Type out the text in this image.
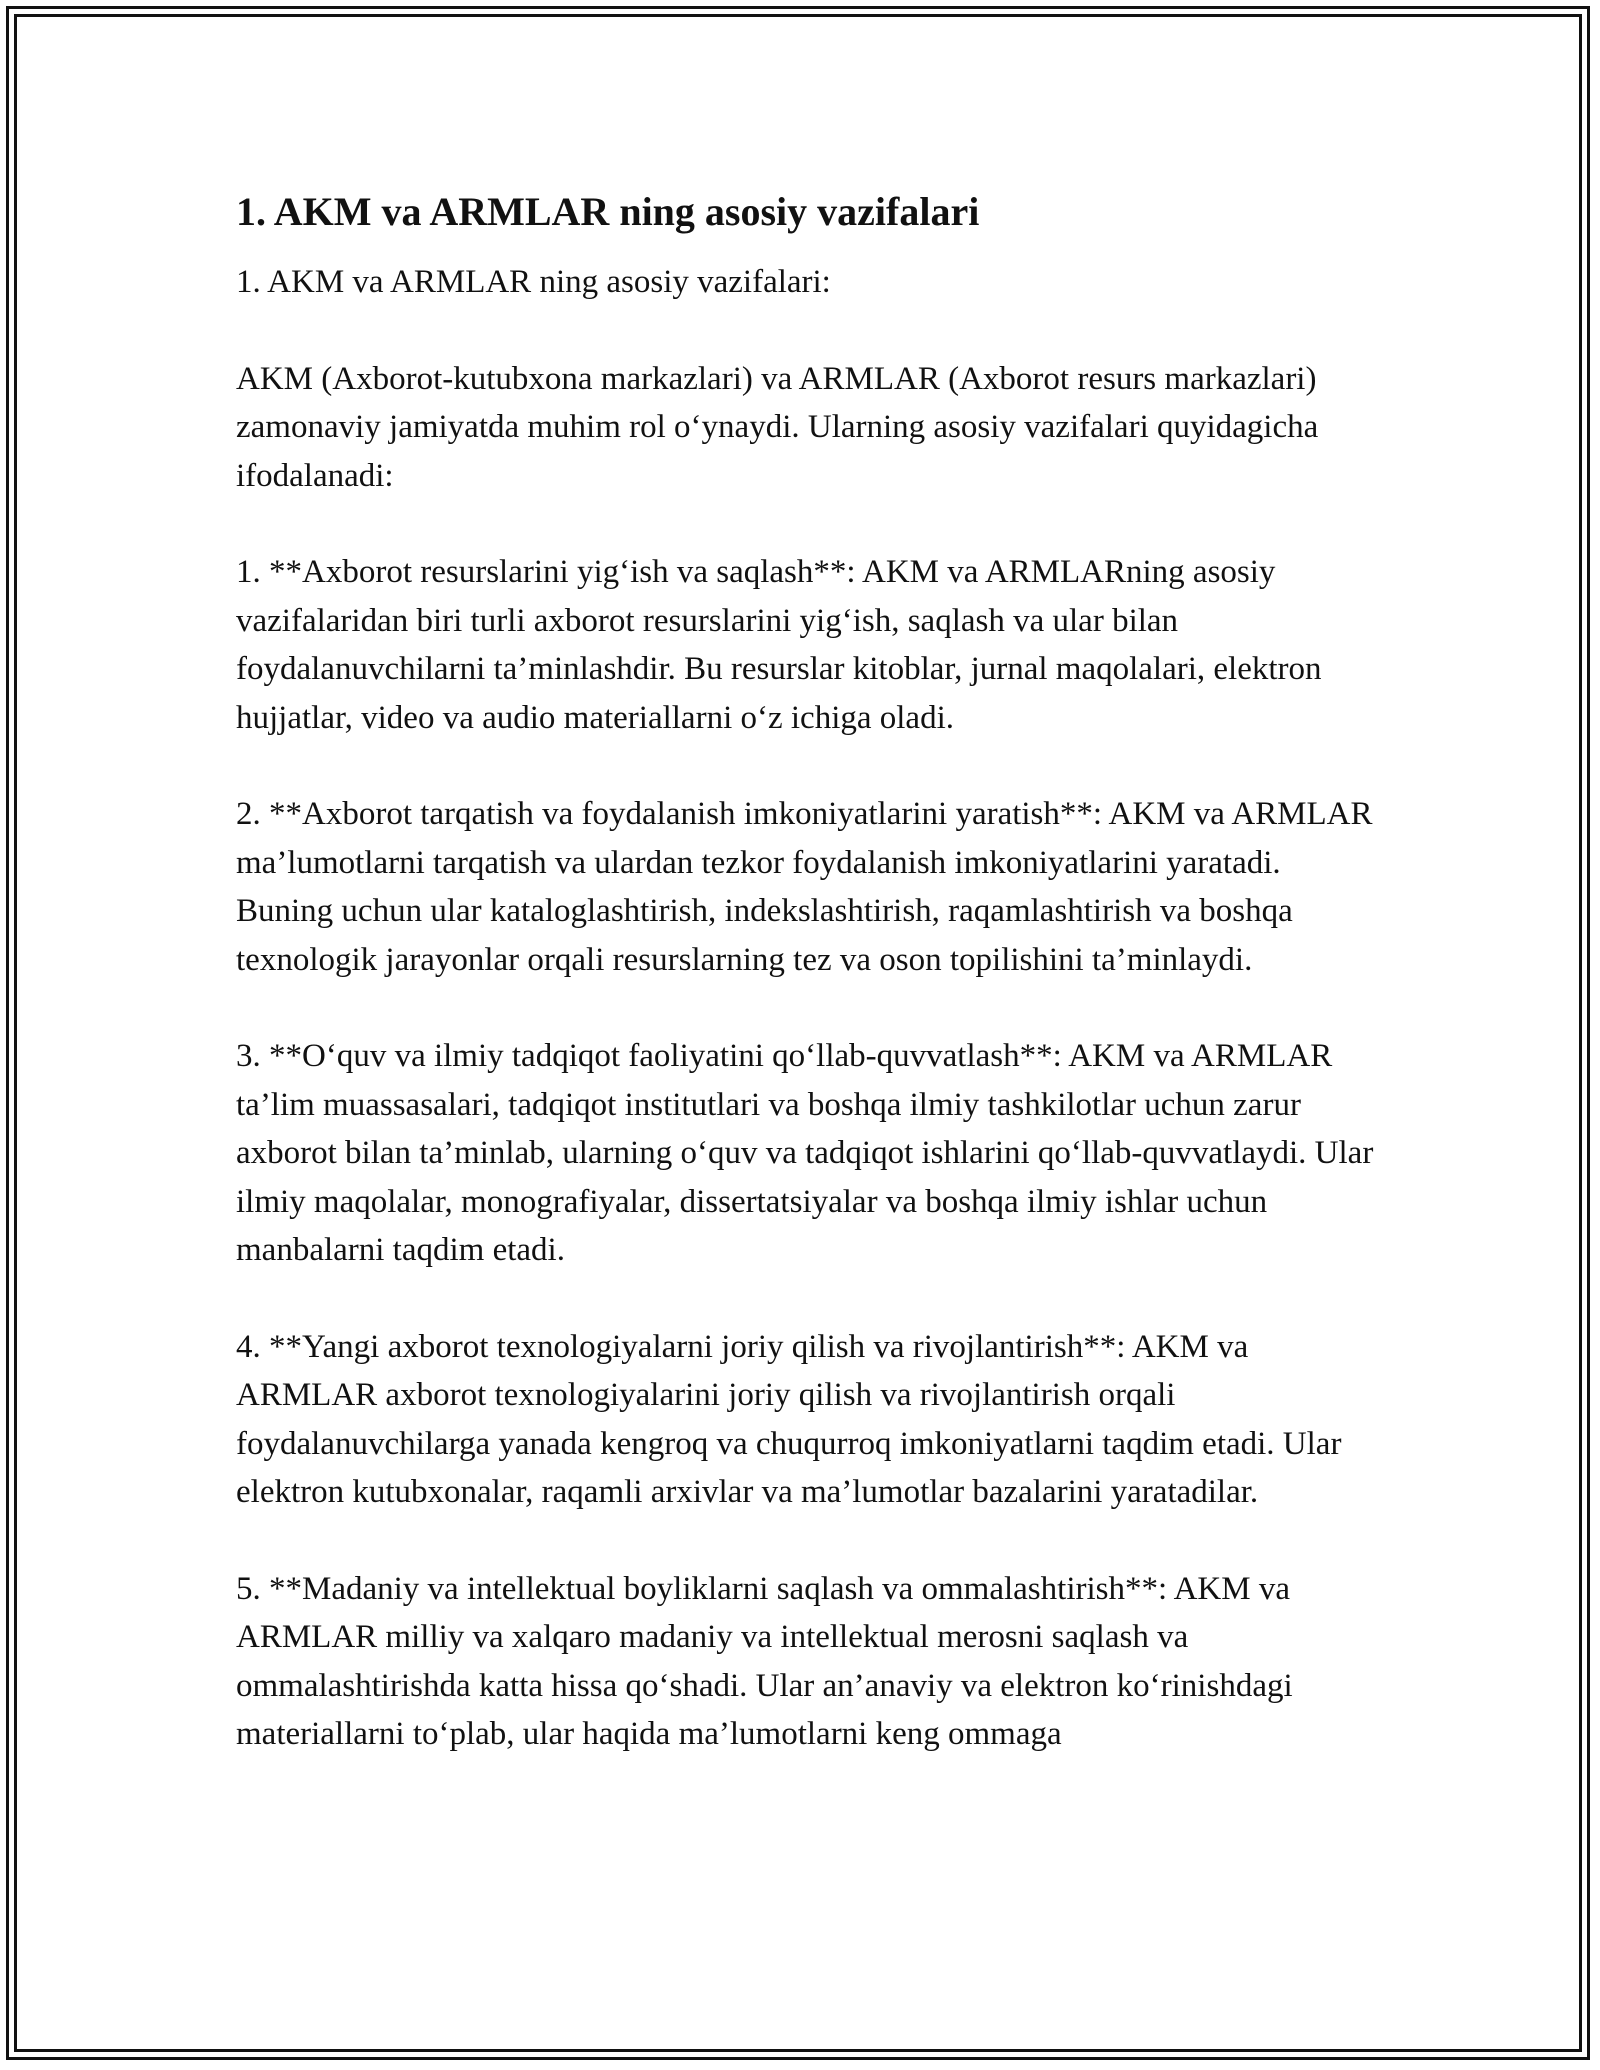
1. AKM va ARMLAR ning asosiy vazifalari

1. AKM va ARMLAR ning asosiy vazifalari:

AKM (Axborot-kutubxona markazlari) va ARMLAR (Axborot resurs markazlari) zamonaviy jamiyatda muhim rol o‘ynaydi. Ularning asosiy vazifalari quyidagicha ifodalanadi:

1. **Axborot resurslarini yig‘ish va saqlash**: AKM va ARMLARning asosiy vazifalaridan biri turli axborot resurslarini yig‘ish, saqlash va ular bilan foydalanuvchilarni ta’minlashdir. Bu resurslar kitoblar, jurnal maqolalari, elektron hujjatlar, video va audio materiallarni o‘z ichiga oladi.

2. **Axborot tarqatish va foydalanish imkoniyatlarini yaratish**: AKM va ARMLAR ma’lumotlarni tarqatish va ulardan tezkor foydalanish imkoniyatlarini yaratadi. Buning uchun ular kataloglashtirish, indekslashtirish, raqamlashtirish va boshqa texnologik jarayonlar orqali resurslarning tez va oson topilishini ta’minlaydi.

3. **O‘quv va ilmiy tadqiqot faoliyatini qo‘llab-quvvatlash**: AKM va ARMLAR ta’lim muassasalari, tadqiqot institutlari va boshqa ilmiy tashkilotlar uchun zarur axborot bilan ta’minlab, ularning o‘quv va tadqiqot ishlarini qo‘llab-quvvatlaydi. Ular ilmiy maqolalar, monografiyalar, dissertatsiyalar va boshqa ilmiy ishlar uchun manbalarni taqdim etadi.

4. **Yangi axborot texnologiyalarni joriy qilish va rivojlantirish**: AKM va ARMLAR axborot texnologiyalarini joriy qilish va rivojlantirish orqali foydalanuvchilarga yanada kengroq va chuqurroq imkoniyatlarni taqdim etadi. Ular elektron kutubxonalar, raqamli arxivlar va ma’lumotlar bazalarini yaratadilar.

5. **Madaniy va intellektual boyliklarni saqlash va ommalashtirish**: AKM va ARMLAR milliy va xalqaro madaniy va intellektual merosni saqlash va ommalashtirishda katta hissa qo‘shadi. Ular an’anaviy va elektron ko‘rinishdagi materiallarni to‘plab, ular haqida ma’lumotlarni keng ommaga
